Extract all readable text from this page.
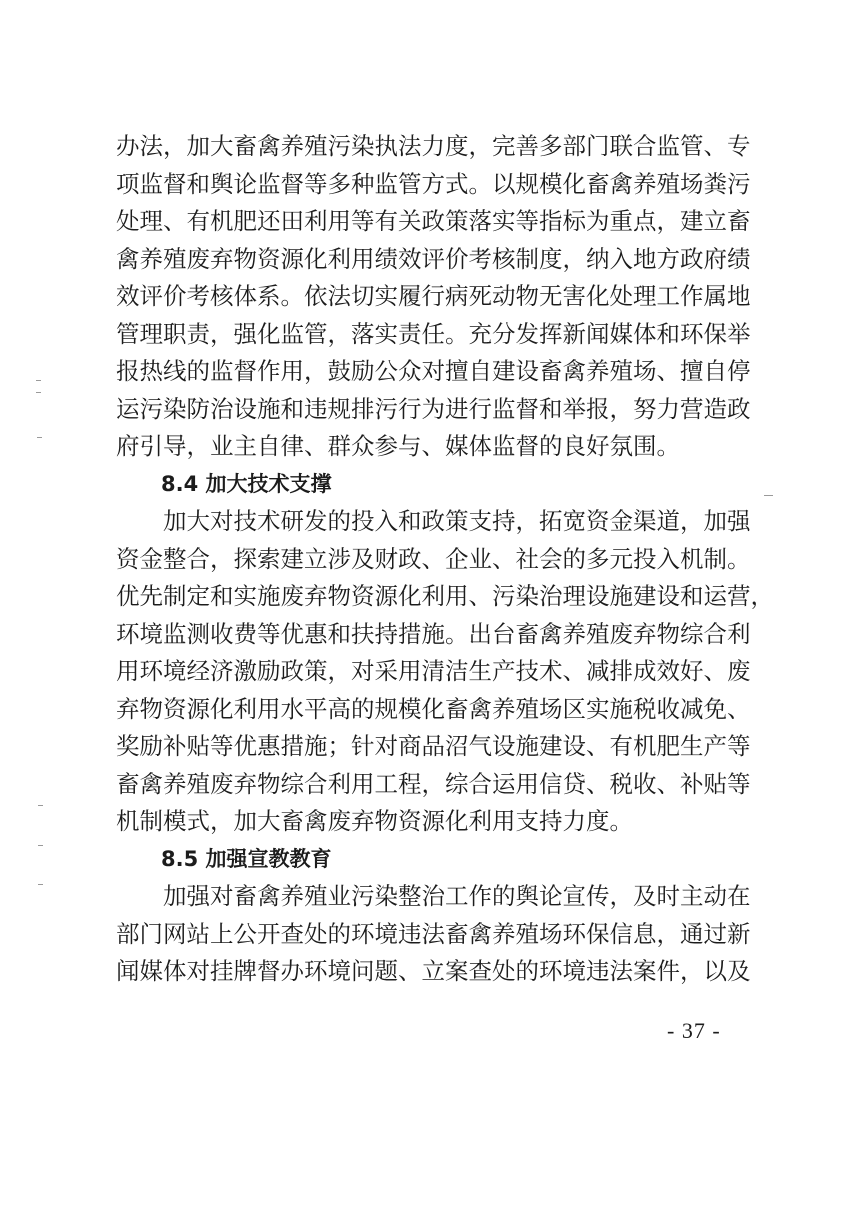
办法，加大畜禽养殖污染执法力度，完善多部门联合监管、专
项监督和舆论监督等多种监管方式。以规模化畜禽养殖场粪污
处理、有机肥还田利用等有关政策落实等指标为重点，建立畜
禽养殖废弃物资源化利用绩效评价考核制度，纳入地方政府绩
效评价考核体系。依法切实履行病死动物无害化处理工作属地
管理职责，强化监管，落实责任。充分发挥新闻媒体和环保举
报热线的监督作用，鼓励公众对擅自建设畜禽养殖场、擅自停
运污染防治设施和违规排污行为进行监督和举报，努力营造政
府引导，业主自律、群众参与、媒体监督的良好氛围。
8.4 加大技术支撑
加大对技术研发的投入和政策支持，拓宽资金渠道，加强
资金整合，探索建立涉及财政、企业、社会的多元投入机制。
优先制定和实施废弃物资源化利用、污染治理设施建设和运营，
环境监测收费等优惠和扶持措施。出台畜禽养殖废弃物综合利
用环境经济激励政策，对采用清洁生产技术、减排成效好、废
弃物资源化利用水平高的规模化畜禽养殖场区实施税收减免、
奖励补贴等优惠措施；针对商品沼气设施建设、有机肥生产等
畜禽养殖废弃物综合利用工程，综合运用信贷、税收、补贴等
机制模式，加大畜禽废弃物资源化利用支持力度。
8.5 加强宣教教育
加强对畜禽养殖业污染整治工作的舆论宣传，及时主动在
部门网站上公开查处的环境违法畜禽养殖场环保信息，通过新
闻媒体对挂牌督办环境问题、立案查处的环境违法案件，以及
- 37 -
